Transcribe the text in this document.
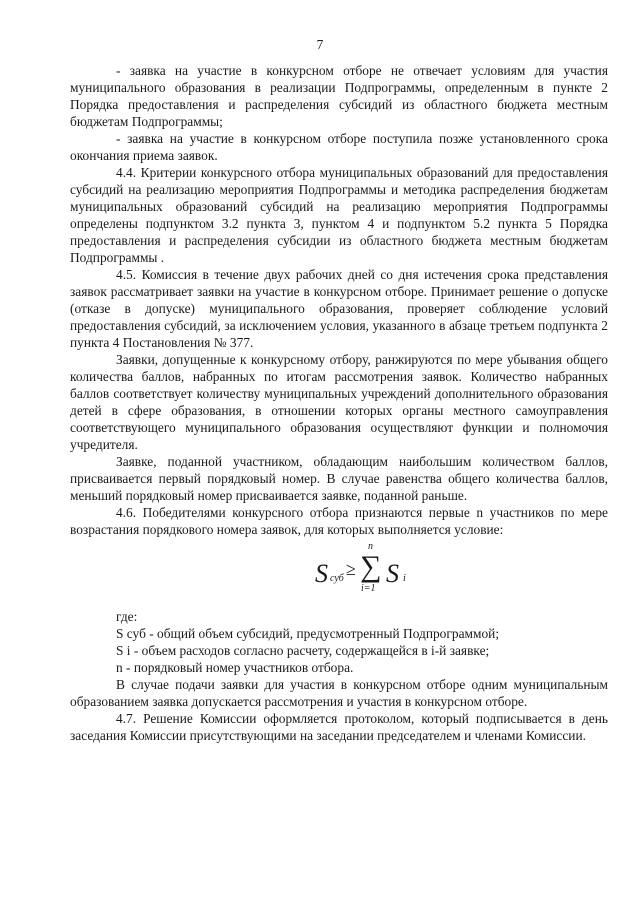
7

- заявка на участие в конкурсном отборе не отвечает условиям для участия муниципального образования в реализации Подпрограммы, определенным в пункте 2 Порядка предоставления и распределения субсидий из областного бюджета местным бюджетам Подпрограммы;

- заявка на участие в конкурсном отборе поступила позже установленного срока окончания приема заявок.

4.4. Критерии конкурсного отбора муниципальных образований для предоставления субсидий на реализацию мероприятия Подпрограммы и методика распределения бюджетам муниципальных образований субсидий на реализацию мероприятия Подпрограммы определены подпунктом 3.2 пункта 3, пунктом 4 и подпунктом 5.2 пункта 5 Порядка предоставления и распределения субсидии из областного бюджета местным бюджетам Подпрограммы .

4.5. Комиссия в течение двух рабочих дней со дня истечения срока представления заявок рассматривает заявки на участие в конкурсном отборе. Принимает решение о допуске (отказе в допуске) муниципального образования, проверяет соблюдение условий предоставления субсидий, за исключением условия, указанного в абзаце третьем подпункта 2 пункта 4 Постановления № 377.

Заявки, допущенные к конкурсному отбору, ранжируются по мере убывания общего количества баллов, набранных по итогам рассмотрения заявок. Количество набранных баллов соответствует количеству муниципальных учреждений дополнительного образования детей в сфере образования, в отношении которых органы местного самоуправления соответствующего муниципального образования осуществляют функции и полномочия учредителя.

Заявке, поданной участником, обладающим наибольшим количеством баллов, присваивается первый порядковый номер. В случае равенства общего количества баллов, меньший порядковый номер присваивается заявке, поданной раньше.

4.6. Победителями конкурсного отбора признаются первые n участников по мере возрастания порядкового номера заявок, для которых выполняется условие:

S суб ≥
n
∑
i=1
S i

где:

S суб - общий объем субсидий, предусмотренный Подпрограммой;

S i - объем расходов согласно расчету, содержащейся в i-й заявке;

n - порядковый номер участников отбора.

В случае подачи заявки для участия в конкурсном отборе одним муниципальным образованием заявка допускается рассмотрения и участия в конкурсном отборе.

4.7. Решение Комиссии оформляется протоколом, который подписывается в день заседания Комиссии присутствующими на заседании председателем и членами Комиссии.
